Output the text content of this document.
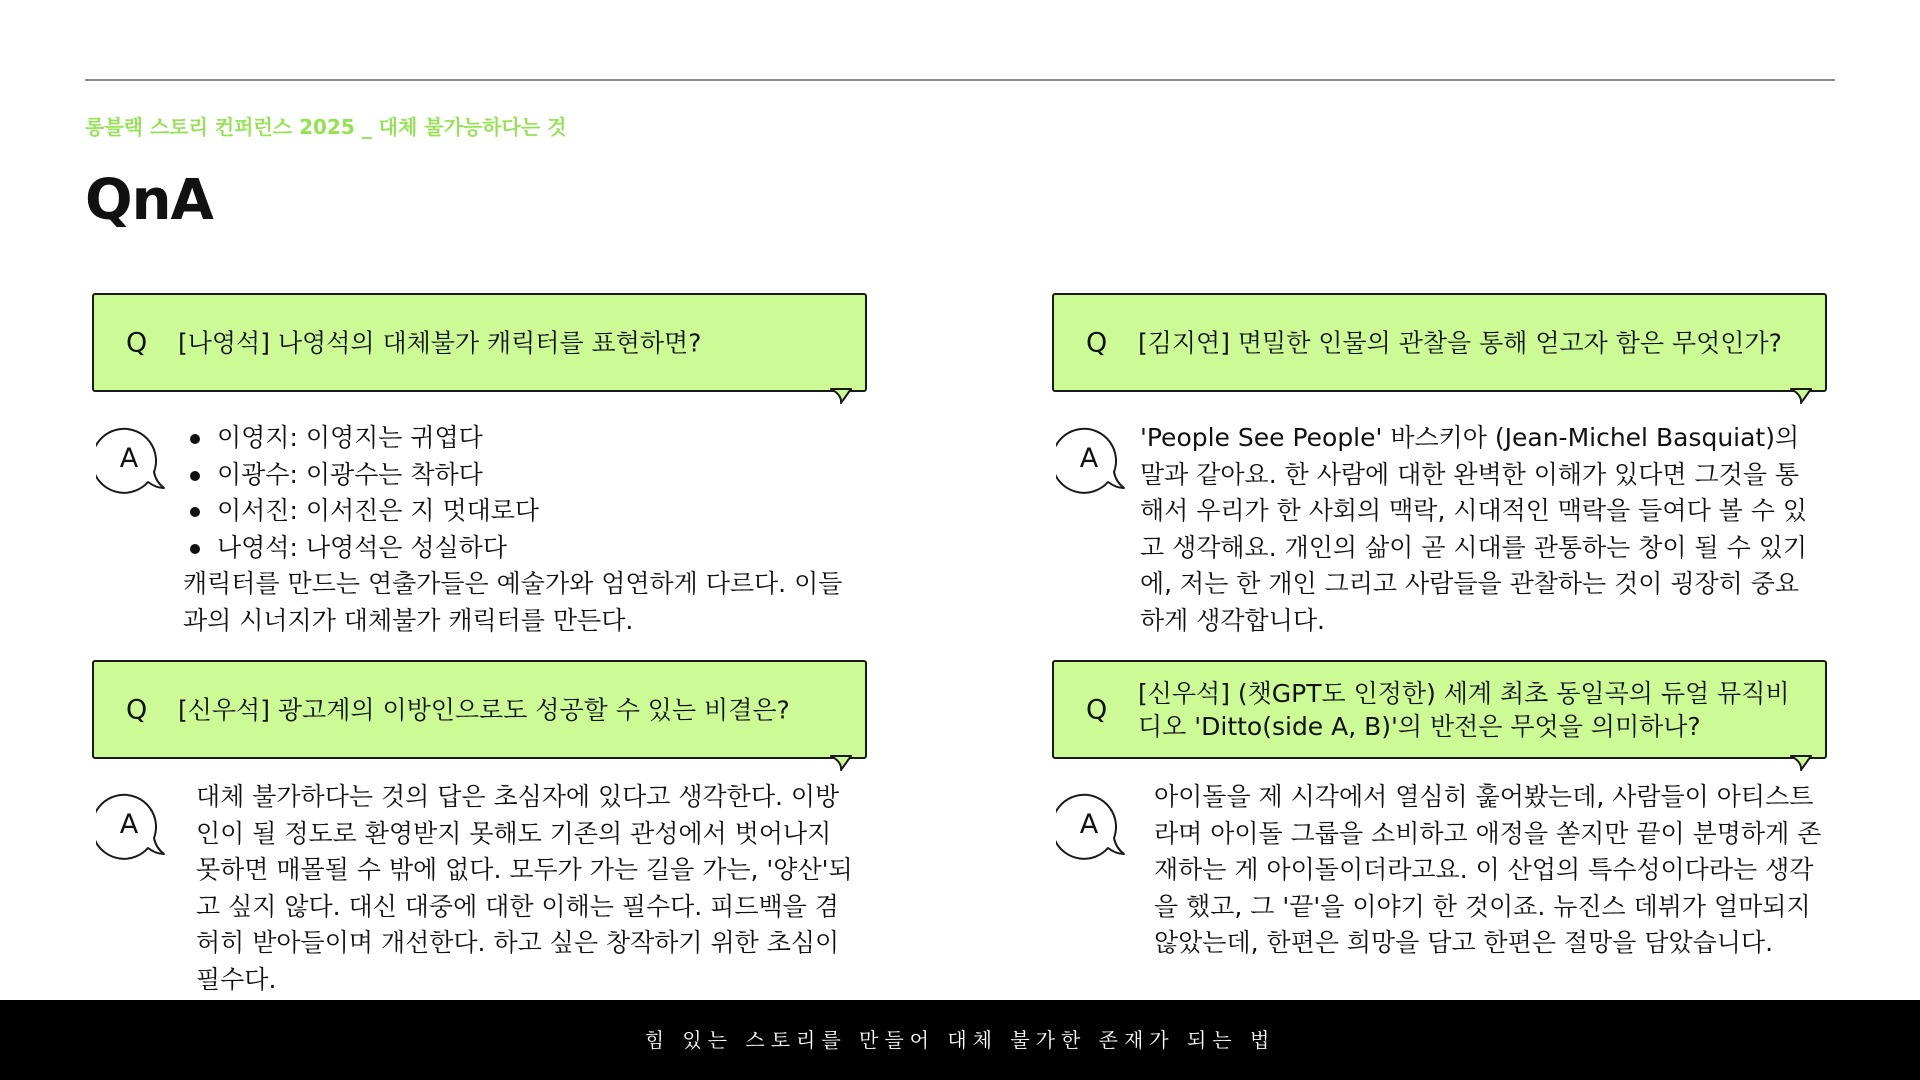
롱블랙 스토리 컨퍼런스 2025 _ 대체 불가능하다는 것
QnA
Q [나영석] 나영석의 대체불가 캐릭터를 표현하면?
A
이영지: 이영지는 귀엽다
이광수: 이광수는 착하다
이서진: 이서진은 지 멋대로다
나영석: 나영석은 성실하다

캐릭터를 만드는 연출가들은 예술가와 엄연하게 다르다. 이들과의 시너지가 대체불가 캐릭터를 만든다.

Q [김지연] 면밀한 인물의 관찰을 통해 얻고자 함은 무엇인가?
A

'People See People' 바스키아 (Jean-Michel Basquiat)의 말과 같아요. 한 사람에 대한 완벽한 이해가 있다면 그것을 통해서 우리가 한 사회의 맥락, 시대적인 맥락을 들여다 볼 수 있고 생각해요. 개인의 삶이 곧 시대를 관통하는 창이 될 수 있기에, 저는 한 개인 그리고 사람들을 관찰하는 것이 굉장히 중요하게 생각합니다.

Q [신우석] 광고계의 이방인으로도 성공할 수 있는 비결은?
A

대체 불가하다는 것의 답은 초심자에 있다고 생각한다. 이방인이 될 정도로 환영받지 못해도 기존의 관성에서 벗어나지 못하면 매몰될 수 밖에 없다. 모두가 가는 길을 가는, '양산'되고 싶지 않다. 대신 대중에 대한 이해는 필수다. 피드백을 겸허히 받아들이며 개선한다. 하고 싶은 창작하기 위한 초심이 필수다.

Q
[신우석] (챗GPT도 인정한) 세계 최초 동일곡의 듀얼 뮤직비디오 'Ditto(side A, B)'의 반전은 무엇을 의미하나?
A

아이돌을 제 시각에서 열심히 훑어봤는데, 사람들이 아티스트라며 아이돌 그룹을 소비하고 애정을 쏟지만 끝이 분명하게 존재하는 게 아이돌이더라고요. 이 산업의 특수성이다라는 생각을 했고, 그 '끝'을 이야기 한 것이죠. 뉴진스 데뷔가 얼마되지 않았는데, 한편은 희망을 담고 한편은 절망을 담았습니다.

힘 있는 스토리를 만들어 대체 불가한 존재가 되는 법
